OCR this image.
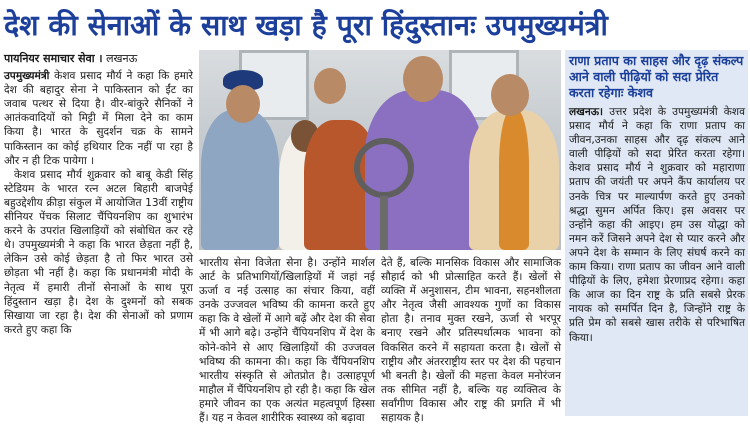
देश की सेनाओं के साथ खड़ा है पूरा हिंदुस्तानः उपमुख्यमंत्री
पायनियर समाचार सेवा । लखनऊ

उपमुख्यमंत्री केशव प्रसाद मौर्य ने कहा कि हमारे देश की बहादुर सेना ने पाकिस्तान को ईंट का जवाब पत्थर से दिया है। वीर-बांकुरे सैनिकों ने आतंकवादियों को मिट्टी में मिला देने का काम किया है। भारत के सुदर्शन चक्र के सामने पाकिस्तान का कोई हथियार टिक नहीं पा रहा है और न ही टिक पायेगा ।

केशव प्रसाद मौर्य शुक्रवार को बाबू केडी सिंह स्टेडियम के भारत रत्न अटल बिहारी बाजपेई बहुउद्देशीय क्रीड़ा संकुल में आयोजित 13वीं राष्ट्रीय सीनियर पेंचक सिलाट चैंपियनशिप का शुभारंभ करने के उपरांत खिलाड़ियों को संबोधित कर रहे थे। उपमुख्यमंत्री ने कहा कि भारत छेड़ता नहीं है, लेकिन उसे कोई छेड़ता है तो फिर भारत उसे छोड़ता भी नहीं है। कहा कि प्रधानमंत्री मोदी के नेतृत्व में हमारी तीनों सेनाओं के साथ पूरा हिंदुस्तान खड़ा है। देश के दुश्मनों को सबक सिखाया जा रहा है। देश की सेनाओं को प्रणाम करते हुए कहा कि

भारतीय सेना विजेता सेना है। उन्होंने मार्शल आर्ट के प्रतिभागियों/खिलाड़ियों में जहां नई ऊर्जा व नई उत्साह का संचार किया, वहीं उनके उज्जवल भविष्य की कामना करते हुए कहा कि वे खेलों में आगे बढ़ें और देश की सेवा में भी आगे बढ़े। उन्होंने चैंपियनशिप में देश के कोने-कोने से आए खिलाड़ियों की उज्जवल भविष्य की कामना की। कहा कि चैंपियनशिप भारतीय संस्कृति से ओतप्रोत है। उत्साहपूर्ण माहौल में चैंपियनशिप हो रही है। कहा कि खेल हमारे जीवन का एक अत्यंत महत्वपूर्ण हिस्सा हैं। यह न केवल शारीरिक स्वास्थ्य को बढ़ावा

देते हैं, बल्कि मानसिक विकास और सामाजिक सौहार्द को भी प्रोत्साहित करते हैं। खेलों से व्यक्ति में अनुशासन, टीम भावना, सहनशीलता और नेतृत्व जैसी आवश्यक गुणों का विकास होता है। तनाव मुक्त रखने, ऊर्जा से भरपूर बनाए रखने और प्रतिस्पर्धात्मक भावना को विकसित करने में सहायता करता है। खेलों से राष्ट्रीय और अंतरराष्ट्रीय स्तर पर देश की पहचान भी बनती है। खेलों की महत्ता केवल मनोरंजन तक सीमित नहीं है, बल्कि यह व्यक्तित्व के सर्वांगीण विकास और राष्ट्र की प्रगति में भी सहायक है।

राणा प्रताप का साहस और दृढ़ संकल्प आने वाली पीढ़ियों को सदा प्रेरित करता रहेगाः केशव
लखनऊ। उत्तर प्रदेश के उपमुख्यमंत्री केशव प्रसाद मौर्य ने कहा कि राणा प्रताप का जीवन,उनका साहस और दृढ़ संकल्प आने वाली पीढ़ियों को सदा प्रेरित करता रहेगा। केशव प्रसाद मौर्य ने शुक्रवार को महाराणा प्रताप की जयंती पर अपने कैंप कार्यालय पर उनके चित्र पर माल्यार्पण करते हुए उनको श्रद्धा सुमन अर्पित किए। इस अवसर पर उन्होंने कहा की आइए। हम उस योद्धा को नमन करें जिसने अपने देश से प्यार करने और अपने देश के सम्मान के लिए संघर्ष करने का काम किया। राणा प्रताप का जीवन आने वाली पीढ़ियों के लिए, हमेशा प्रेरणाप्रद रहेगा। कहा कि आज का दिन राष्ट्र के प्रति सबसे प्रेरक नायक को समर्पित दिन है, जिन्होंने राष्ट्र के प्रति प्रेम को सबसे खास तरीके से परिभाषित किया।
